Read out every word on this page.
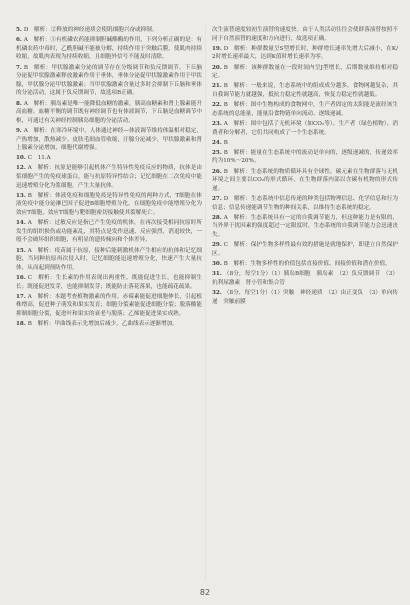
5. D　解析：②释放的神经递质会使肌细胞兴奋或抑制。

6. A　解析：①有机磷农药能抑制胆碱酯酶的作用，下列分析正确的是：有机磷农药中毒时，乙酰胆碱不能被分解，持续作用于突触后膜，使肌肉持续收缩，故肌肉表现为持续收缩，且细胞外信号不能及时清除。

7. B　解析：甲状腺激素分泌的调节存在分级调节和负反馈调节。下丘脑分泌促甲状腺激素释放激素作用于垂体，垂体分泌促甲状腺激素作用于甲状腺，甲状腺分泌甲状腺激素；当甲状腺激素含量过多时会抑制下丘脑和垂体的分泌活动，这属于负反馈调节，故选项B正确。

8. A　解析：胰岛素是唯一能降低血糖的激素，胰高血糖素和肾上腺素能升高血糖。血糖平衡的调节既有神经调节也有体液调节，下丘脑是血糖调节中枢，可通过有关神经控制胰岛细胞的分泌活动。

9. A　解析：在寒冷环境中，人体通过神经—体液调节维持体温相对稳定，产热增加，散热减少。皮肤毛细血管收缩，汗腺分泌减少，甲状腺激素和肾上腺素分泌增加，细胞代谢增强。

10. C　11.A

12. A　解析：抗原是能够引起机体产生特异性免疫反应的物质，抗体是由浆细胞产生的免疫球蛋白，能与抗原特异性结合；记忆细胞在二次免疫中能迅速增殖分化为浆细胞，产生大量抗体。

13. B　解析：体液免疫和细胞免疫是特异性免疫的两种方式，T细胞在体液免疫中能分泌淋巴因子促进B细胞增殖分化，在细胞免疫中能增殖分化为效应T细胞，效应T细胞与靶细胞密切接触使其裂解死亡。

14. A　解析：过敏反应是指已产生免疫的机体，在再次接受相同抗原时所发生的组织损伤或功能紊乱，其特点是发作迅速、反应强烈、消退较快，一般不会破坏组织细胞，有明显的遗传倾向和个体差异。

15. A　解析：疫苗属于抗原，接种后能刺激机体产生相应的抗体和记忆细胞，当同种抗原再次侵入时，记忆细胞能迅速增殖分化，快速产生大量抗体，从而起到预防作用。

16. C　解析：生长素的作用表现出两重性，既能促进生长，也能抑制生长；既能促进发芽，也能抑制发芽；既能防止落花落果，也能疏花疏果。

17. A　解析：本题考查植物激素的作用。赤霉素能促进细胞伸长，引起植株增高，促进种子萌发和果实发育；细胞分裂素能促进细胞分裂；脱落酸能抑制细胞分裂，促进叶和果实的衰老与脱落；乙烯能促进果实成熟。

18. B　解析：甲曲线表示先增加后减少，乙曲线表示逐渐增加。

次生演替速度较初生演替的速度快。由于人类活动往往会使群落演替按照不同于自然演替的速度和方向进行，故选项正确。

19. D　解析：种群数量呈S型增长时，种群增长速率先增大后减小，在K/2时增长速率最大，达到K值时增长速率为零。

20. B　解析：该种群数量在一段时间内呈J型增长，后期数量维持相对稳定。

21. B　解析：一般来说，生态系统中的组成成分越多，食物网越复杂，其自我调节能力就越强，抵抗力稳定性就越高，恢复力稳定性就越低。

22. B　解析：图中生物构成的食物网中，生产者固定的太阳能是流经该生态系统的总能量，能量沿食物链单向流动、逐级递减。

23. A　解析：图中包括了无机环境（如CO₂等）、生产者（绿色植物）、消费者和分解者，它们共同构成了一个生态系统。

24. B

25. B　解析：能量在生态系统中的流动是单向的，逐级递减的，传递效率约为10%～20%。

26. B　解析：生态系统的物质循环具有全球性，碳元素在生物群落与无机环境之间主要以CO₂的形式循环，在生物群落内部以含碳有机物的形式传递。

27. D　解析：生态系统中信息传递的种类包括物理信息、化学信息和行为信息；信息传递能调节生物的种间关系，以维持生态系统的稳定。

28. A　解析：生态系统具有一定的自我调节能力，但这种能力是有限的，当外界干扰因素的强度超过一定限度时，生态系统的自我调节能力会迅速丧失。

29. C　解析：保护生物多样性最有效的措施是就地保护，即建立自然保护区。

30. B　解析：生物多样性的价值包括直接价值、间接价值和潜在价值。

31. （8分，每空1分）（1）胰岛B细胞　胰岛素　（2）负反馈调节　（3）抗利尿激素　肾小管和集合管

32. （8分，每空1分）（1）突触　神经递质　（2）由正变负　（3）单向传递　突触前膜

82
